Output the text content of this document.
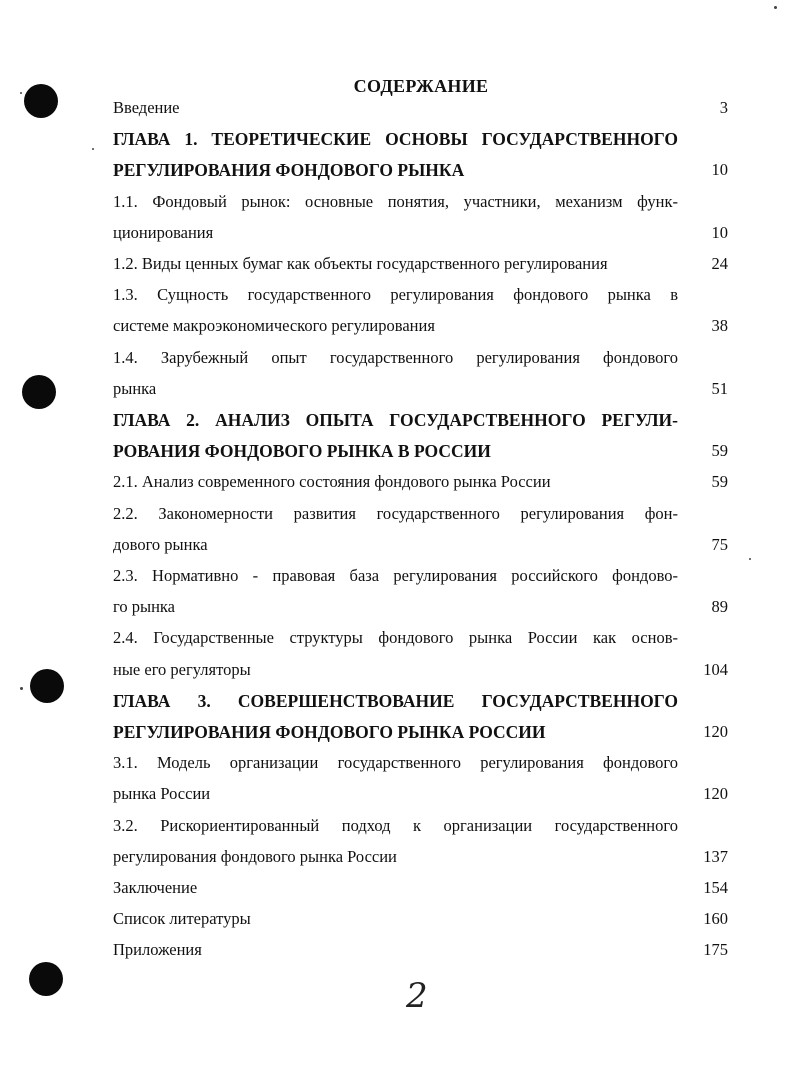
СОДЕРЖАНИЕ
Введение	3
ГЛАВА 1. ТЕОРЕТИЧЕСКИЕ ОСНОВЫ ГОСУДАРСТВЕННОГО
РЕГУЛИРОВАНИЯ ФОНДОВОГО РЫНКА	10
1.1. Фондовый рынок: основные понятия, участники, механизм функ-
ционирования	10
1.2. Виды ценных бумаг как объекты государственного регулирования	24
1.3. Сущность государственного регулирования фондового рынка в
системе макроэкономического регулирования	38
1.4. Зарубежный опыт государственного регулирования фондового
рынка	51
ГЛАВА 2. АНАЛИЗ ОПЫТА ГОСУДАРСТВЕННОГО РЕГУЛИ-
РОВАНИЯ ФОНДОВОГО РЫНКА В РОССИИ	59
2.1. Анализ современного состояния фондового рынка России	59
2.2. Закономерности развития государственного регулирования фон-
дового рынка	75
2.3. Нормативно - правовая база регулирования российского фондово-
го рынка	89
2.4. Государственные структуры фондового рынка России как основ-
ные его регуляторы	104
ГЛАВА 3. СОВЕРШЕНСТВОВАНИЕ ГОСУДАРСТВЕННОГО
РЕГУЛИРОВАНИЯ ФОНДОВОГО РЫНКА РОССИИ	120
3.1. Модель организации государственного регулирования фондового
рынка России	120
3.2. Рискориентированный подход к организации государственного
регулирования фондового рынка России	137
Заключение	154
Список литературы	160
Приложения	175
2
